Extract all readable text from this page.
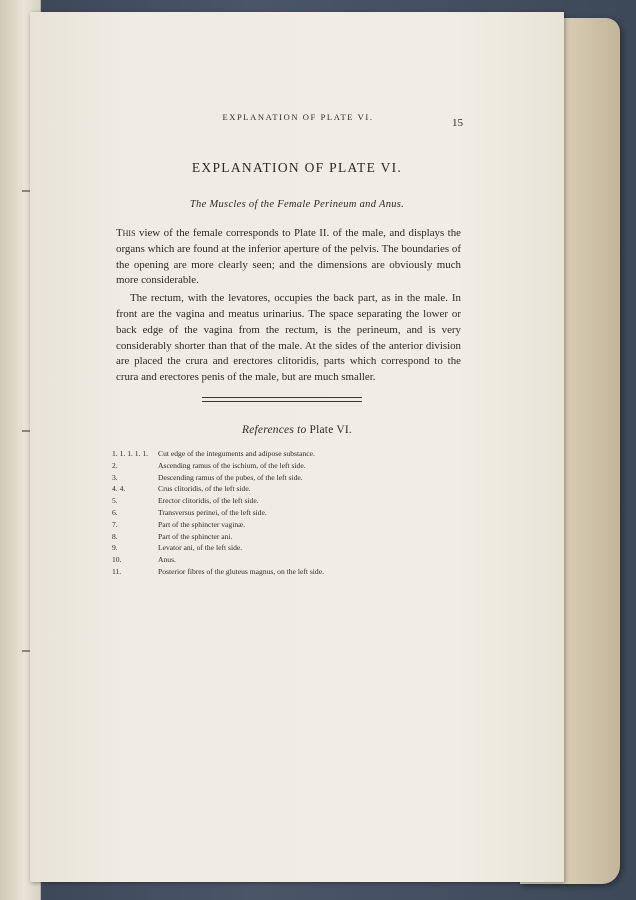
EXPLANATION OF PLATE VI.	15
EXPLANATION OF PLATE VI.
The Muscles of the Female Perineum and Anus.

This view of the female corresponds to Plate II. of the male, and displays the organs which are found at the inferior aperture of the pelvis. The boundaries of the opening are more clearly seen; and the dimensions are obviously much more considerable.

The rectum, with the levatores, occupies the back part, as in the male. In front are the vagina and meatus urinarius. The space separating the lower or back edge of the vagina from the rectum, is the perineum, and is very considerably shorter than that of the male. At the sides of the anterior division are placed the crura and erectores clitoridis, parts which correspond to the crura and erectores penis of the male, but are much smaller.

References to Plate VI.
1. 1. 1. 1. 1.	Cut edge of the integuments and adipose substance.
2.	Ascending ramus of the ischium, of the left side.
3.	Descending ramus of the pubes, of the left side.
4. 4.	Crus clitoridis, of the left side.
5.	Erector clitoridis, of the left side.
6.	Transversus perinei, of the left side.
7.	Part of the sphincter vaginæ.
8.	Part of the sphincter ani.
9.	Levator ani, of the left side.
10.	Anus.
11.	Posterior fibres of the gluteus magnus, on the left side.
